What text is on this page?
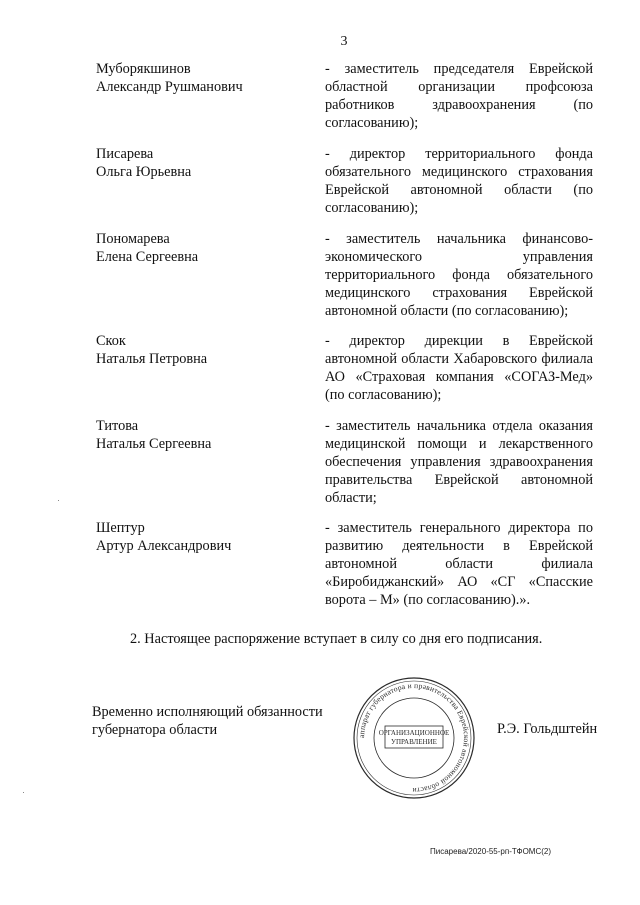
3
Муборякшинов
Александр Рушманович
- заместитель председателя Еврейской областной организации профсоюза работников здравоохранения (по согласованию);
Писарева
Ольга Юрьевна
- директор территориального фонда обязательного медицинского страхования Еврейской автономной области (по согласованию);
Пономарева
Елена Сергеевна
- заместитель начальника финансово-экономического управления территориального фонда обязательного медицинского страхования Еврейской автономной области (по согласованию);
Скок
Наталья Петровна
- директор дирекции в Еврейской автономной области Хабаровского филиала АО «Страховая компания «СОГАЗ-Мед» (по согласованию);
Титова
Наталья Сергеевна
- заместитель начальника отдела оказания медицинской помощи и лекарственного обеспечения управления здравоохранения правительства Еврейской автономной области;
Шептур
Артур Александрович
- заместитель генерального директора по развитию деятельности в Еврейской автономной области филиала «Биробиджанский» АО «СГ «Спасские ворота – М» (по согласованию).».
2. Настоящее распоряжение вступает в силу со дня его подписания.
Временно исполняющий обязанности
губернатора области	аппарат губернатора и правительства Еврейской автономной области
ОРГАНИЗАЦИОННОЕ
УПРАВЛЕНИЕ
Р.Э. Гольдштейн
Писарева/2020-55-рп-ТФОМС(2)
